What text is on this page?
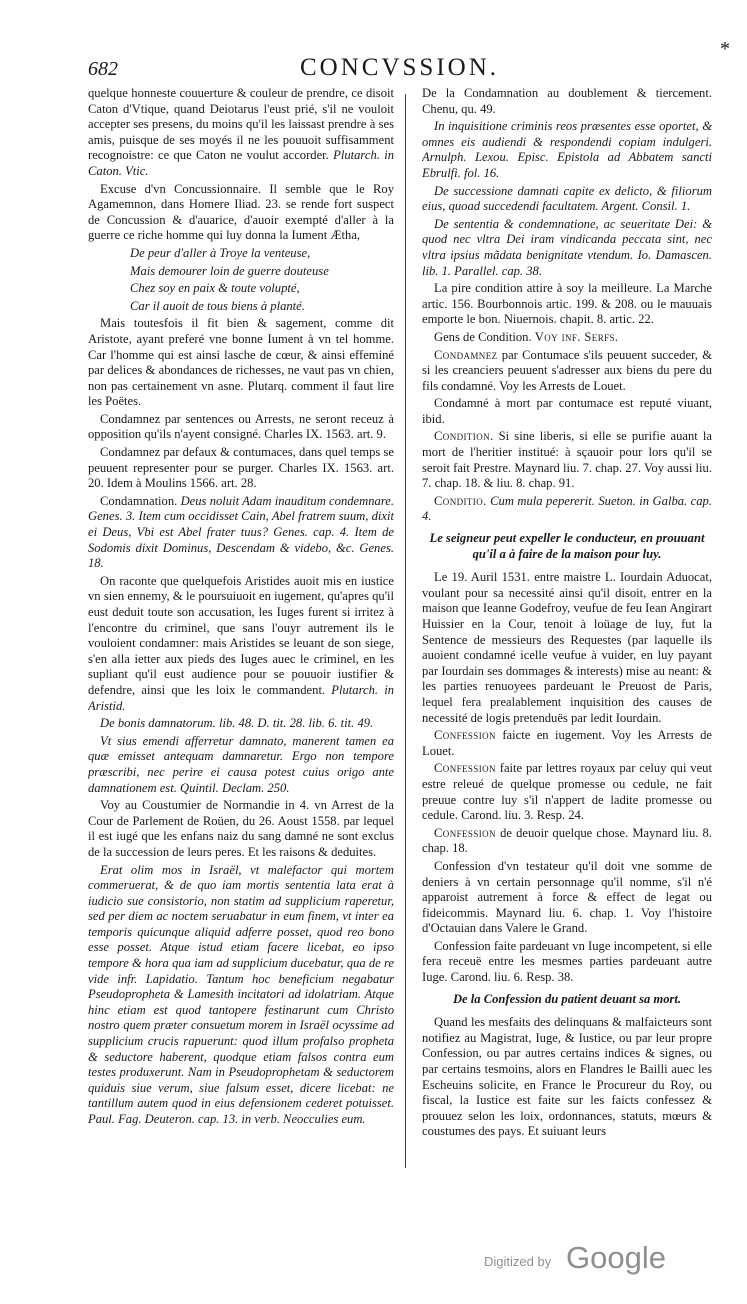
682	CONCVSSION.
*

quelque honneste couuerture & couleur de prendre, ce disoit Caton d'Vtique, quand Deiotarus l'eust prié, s'il ne vouloit accepter ses presens, du moins qu'il les laissast prendre à ses amis, puisque de ses moyés il ne les pouuoit suffisamment recognoistre: ce que Caton ne voulut accorder. Plutarch. in Caton. Vtic.

Excuse d'vn Concussionnaire. Il semble que le Roy Agamemnon, dans Homere Iliad. 23. se rende fort suspect de Concussion & d'auarice, d'auoir exempté d'aller à la guerre ce riche homme qui luy donna la Iument Ætha,

De peur d'aller à Troye la venteuse,

Mais demourer loin de guerre douteuse

Chez soy en paix & toute volupté,

Car il auoit de tous biens à planté.

Mais toutesfois il fit bien & sagement, comme dit Aristote, ayant preferé vne bonne Iument à vn tel homme. Car l'homme qui est ainsi lasche de cœur, & ainsi effeminé par delices & abondances de richesses, ne vaut pas vn chien, non pas certainement vn asne. Plutarq. comment il faut lire les Poëtes.

Condamnez par sentences ou Arrests, ne seront receuz à opposition qu'ils n'ayent consigné. Charles IX. 1563. art. 9.

Condamnez par defaux & contumaces, dans quel temps se peuuent representer pour se purger. Charles IX. 1563. art. 20. Idem à Moulins 1566. art. 28.

Condamnation. Deus noluit Adam inauditum condemnare. Genes. 3. Item cum occidisset Cain, Abel fratrem suum, dixit ei Deus, Vbi est Abel frater tuus? Genes. cap. 4. Item de Sodomis dixit Dominus, Descendam & videbo, &c. Genes. 18.

On raconte que quelquefois Aristides auoit mis en iustice vn sien ennemy, & le poursuiuoit en iugement, qu'apres qu'il eust deduit toute son accusation, les Iuges furent si irritez à l'encontre du criminel, que sans l'ouyr autrement ils le vouloient condamner: mais Aristides se leuant de son siege, s'en alla ietter aux pieds des Iuges auec le criminel, en les supliant qu'il eust audience pour se pouuoir iustifier & defendre, ainsi que les loix le commandent. Plutarch. in Aristid.

De bonis damnatorum. lib. 48. D. tit. 28. lib. 6. tit. 49.

Vt sius emendi afferretur damnato, manerent tamen ea quæ emisset antequam damnaretur. Ergo non tempore præscribi, nec perire ei causa potest cuius origo ante damnationem est. Quintil. Declam. 250.

Voy au Coustumier de Normandie in 4. vn Arrest de la Cour de Parlement de Roüen, du 26. Aoust 1558. par lequel il est iugé que les enfans naiz du sang damné ne sont exclus de la succession de leurs peres. Et les raisons & deduites.

Erat olim mos in Israël, vt malefactor qui mortem commeruerat, & de quo iam mortis sententia lata erat à iudicio sue consistorio, non statim ad supplicium raperetur, sed per diem ac noctem seruabatur in eum finem, vt inter ea temporis quicunque aliquid adferre posset, quod reo bono esse posset. Atque istud etiam facere licebat, eo ipso tempore & hora qua iam ad supplicium ducebatur, qua de re vide infr. Lapidatio. Tantum hoc beneficium negabatur Pseudopropheta & Lamesith incitatori ad idolatriam. Atque hinc etiam est quod tantopere festinarunt cum Christo nostro quem præter consuetum morem in Israël ocyssime ad supplicium crucis rapuerunt: quod illum profalso propheta & seductore haberent, quodque etiam falsos contra eum testes produxerunt. Nam in Pseudoprophetam & seductorem quiduis siue verum, siue falsum esset, dicere licebat: ne tantillum autem quod in eius defensionem cederet potuisset. Paul. Fag. Deuteron. cap. 13. in verb. Neocculies eum.

De la Condamnation au doublement & tiercement. Chenu, qu. 49.

In inquisitione criminis reos præsentes esse oportet, & omnes eis audiendi & respondendi copiam indulgeri. Arnulph. Lexou. Episc. Epistola ad Abbatem sancti Ebrulfi. fol. 16.

De successione damnati capite ex delicto, & filiorum eius, quoad succedendi facultatem. Argent. Consil. 1.

De sententia & condemnatione, ac seueritate Dei: & quod nec vltra Dei iram vindicanda peccata sint, nec vltra ipsius mãdata benignitate vtendum. Io. Damascen. lib. 1. Parallel. cap. 38.

La pire condition attire à soy la meilleure. La Marche artic. 156. Bourbonnois artic. 199. & 208. ou le mauuais emporte le bon. Niuernois. chapit. 8. artic. 22.

Gens de Condition. Voy inf. Serfs.

Condamnez par Contumace s'ils peuuent succeder, & si les creanciers peuuent s'adresser aux biens du pere du fils condamné. Voy les Arrests de Louet.

Condamné à mort par contumace est reputé viuant, ibid.

Condition. Si sine liberis, si elle se purifie auant la mort de l'heritier institué: à sçauoir pour lors qu'il se seroit fait Prestre. Maynard liu. 7. chap. 27. Voy aussi liu. 7. chap. 18. & liu. 8. chap. 91.

Conditio. Cum mula pepererit. Sueton. in Galba. cap. 4.

Le seigneur peut expeller le conducteur, en prouuant qu'il a à faire de la maison pour luy.

Le 19. Auril 1531. entre maistre L. Iourdain Aduocat, voulant pour sa necessité ainsi qu'il disoit, entrer en la maison que Ieanne Godefroy, veufue de feu Iean Angirart Huissier en la Cour, tenoit à loüage de luy, fut la Sentence de messieurs des Requestes (par laquelle ils auoient condamné icelle veufue à vuider, en luy payant par Iourdain ses dommages & interests) mise au neant: & les parties renuoyees pardeuant le Preuost de Paris, lequel fera prealablement inquisition des causes de necessité de logis pretenduës par ledit Iourdain.

Confession faicte en iugement. Voy les Arrests de Louet.

Confession faite par lettres royaux par celuy qui veut estre releué de quelque promesse ou cedule, ne fait preuue contre luy s'il n'appert de ladite promesse ou cedule. Carond. liu. 3. Resp. 24.

Confession de deuoir quelque chose. Maynard liu. 8. chap. 18.

Confession d'vn testateur qu'il doit vne somme de deniers à vn certain personnage qu'il nomme, s'il n'é apparoist autrement à force & effect de legat ou fideicommis. Maynard liu. 6. chap. 1. Voy l'histoire d'Octauian dans Valere le Grand.

Confession faite pardeuant vn Iuge incompetent, si elle fera receuë entre les mesmes parties pardeuant autre Iuge. Carond. liu. 6. Resp. 38.

De la Confession du patient deuant sa mort.

Quand les mesfaits des delinquans & malfaicteurs sont notifiez au Magistrat, Iuge, & Iustice, ou par leur propre Confession, ou par autres certains indices & signes, ou par certains tesmoins, alors en Flandres le Bailli auec les Escheuins solicite, en France le Procureur du Roy, ou fiscal, la Iustice est faite sur les faicts confessez & prouuez selon les loix, ordonnances, statuts, mœurs & coustumes des pays. Et suiuant leurs

Digitized by Google
